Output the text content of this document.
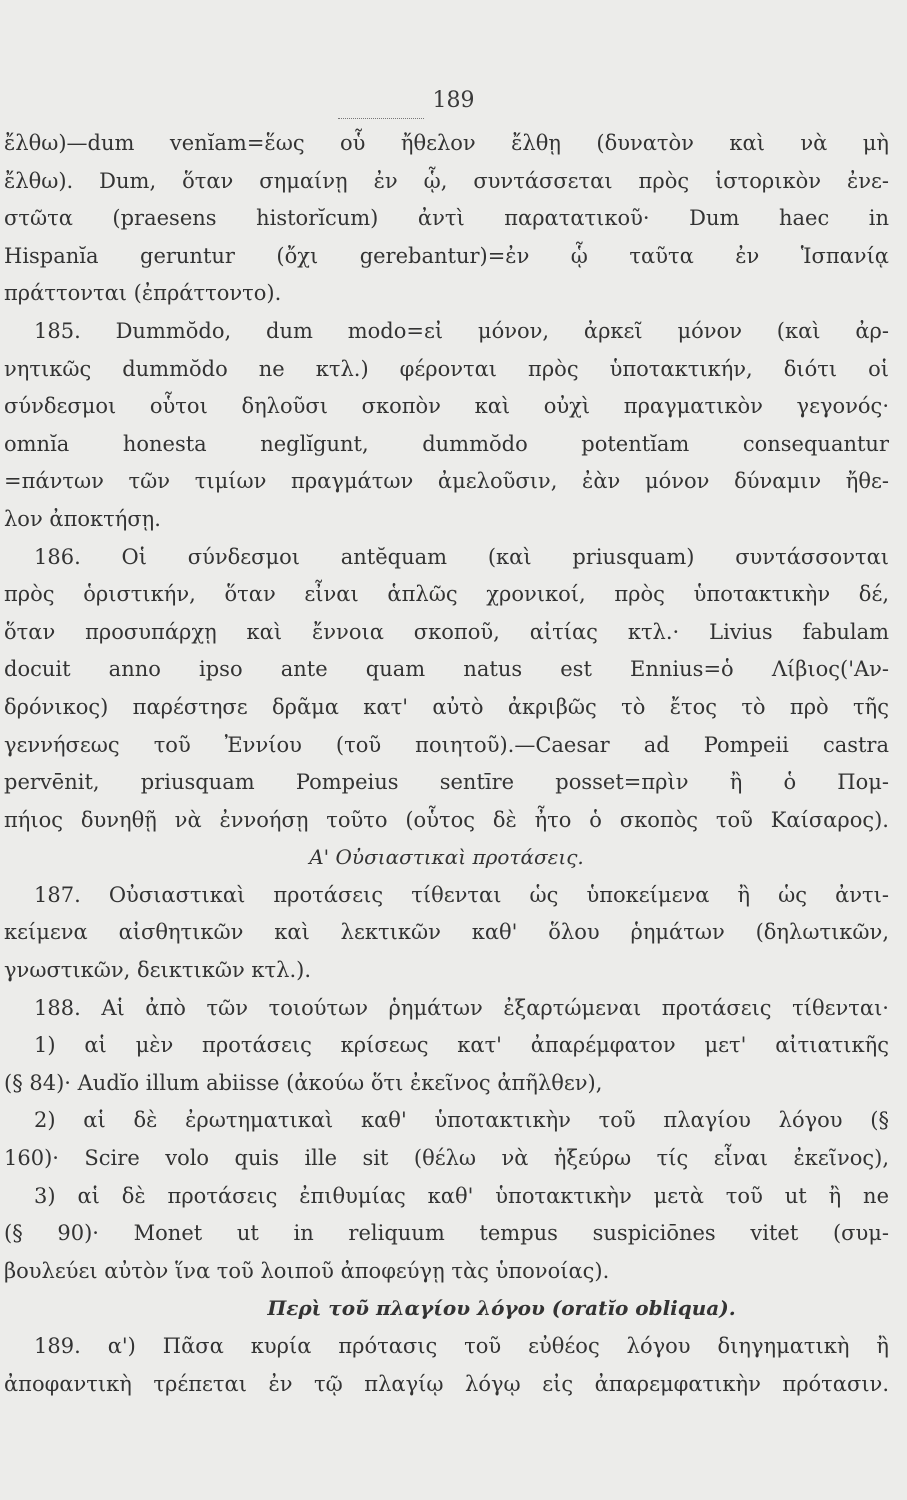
189
ἔλθω)—dum venĭam=ἕως οὗ ἤθελον ἔλθῃ (δυνατὸν καὶ νὰ μὴ
ἔλθω). Dum, ὅταν σημαίνῃ ἐν ᾧ, συντάσσεται πρὸς ἱστορικὸν ἐνε-
στῶτα (praesens historĭcum) ἀντὶ παρατατικοῦ· Dum haec in
Hispanĭa geruntur (ὄχι gerebantur)=ἐν ᾧ ταῦτα ἐν Ἱσπανίᾳ
πράττονται (ἐπράττοντο).
185. Dummŏdo, dum modo=εἰ μόνον, ἀρκεῖ μόνον (καὶ ἀρ-
νητικῶς dummŏdo ne κτλ.) φέρονται πρὸς ὑποτακτικήν, διότι οἱ
σύνδεσμοι οὗτοι δηλοῦσι σκοπὸν καὶ οὐχὶ πραγματικὸν γεγονός·
omnĭa honesta neglĭgunt, dummŏdo potentĭam consequantur
=πάντων τῶν τιμίων πραγμάτων ἀμελοῦσιν, ἐὰν μόνον δύναμιν ἤθε-
λον ἀποκτήσῃ.
186. Οἱ σύνδεσμοι antĕquam (καὶ priusquam) συντάσσονται
πρὸς ὁριστικήν, ὅταν εἶναι ἁπλῶς χρονικοί, πρὸς ὑποτακτικὴν δέ,
ὅταν προσυπάρχῃ καὶ ἔννοια σκοποῦ, αἰτίας κτλ.· Livius fabulam
docuit anno ipso ante quam natus est Ennius=ὁ Λίβιος('Αν-
δρόνικος) παρέστησε δρᾶμα κατ' αὐτὸ ἀκριβῶς τὸ ἔτος τὸ πρὸ τῆς
γεννήσεως τοῦ Ἐννίου (τοῦ ποιητοῦ).—Caesar ad Pompeii castra
pervēnit, priusquam Pompeius sentīre posset=πρὶν ἢ ὁ Πομ-
πήιος δυνηθῇ νὰ ἐννοήσῃ τοῦτο (οὗτος δὲ ἦτο ὁ σκοπὸς τοῦ Καίσαρος).
Α' Οὐσιαστικαὶ προτάσεις.
187. Οὐσιαστικαὶ προτάσεις τίθενται ὡς ὑποκείμενα ἢ ὡς ἀντι-
κείμενα αἰσθητικῶν καὶ λεκτικῶν καθ' ὅλου ῥημάτων (δηλωτικῶν,
γνωστικῶν, δεικτικῶν κτλ.).
188. Αἱ ἀπὸ τῶν τοιούτων ῥημάτων ἐξαρτώμεναι προτάσεις τίθενται·
1) αἱ μὲν προτάσεις κρίσεως κατ' ἀπαρέμφατον μετ' αἰτιατικῆς
(§ 84)· Audĭo illum abiisse (ἀκούω ὅτι ἐκεῖνος ἀπῆλθεν),
2) αἱ δὲ ἐρωτηματικαὶ καθ' ὑποτακτικὴν τοῦ πλαγίου λόγου (§
160)· Scire volo quis ille sit (θέλω νὰ ἠξεύρω τίς εἶναι ἐκεῖνος),
3) αἱ δὲ προτάσεις ἐπιθυμίας καθ' ὑποτακτικὴν μετὰ τοῦ ut ἢ ne
(§ 90)· Monet ut in reliquum tempus suspiciōnes vitet (συμ-
βουλεύει αὐτὸν ἵνα τοῦ λοιποῦ ἀποφεύγῃ τὰς ὑπονοίας).
Περὶ τοῦ πλαγίου λόγου (oratĭo obliqua).
189. α') Πᾶσα κυρία πρότασις τοῦ εὐθέος λόγου διηγηματικὴ ἢ
ἀποφαντικὴ τρέπεται ἐν τῷ πλαγίῳ λόγῳ εἰς ἀπαρεμφατικὴν πρότασιν.
